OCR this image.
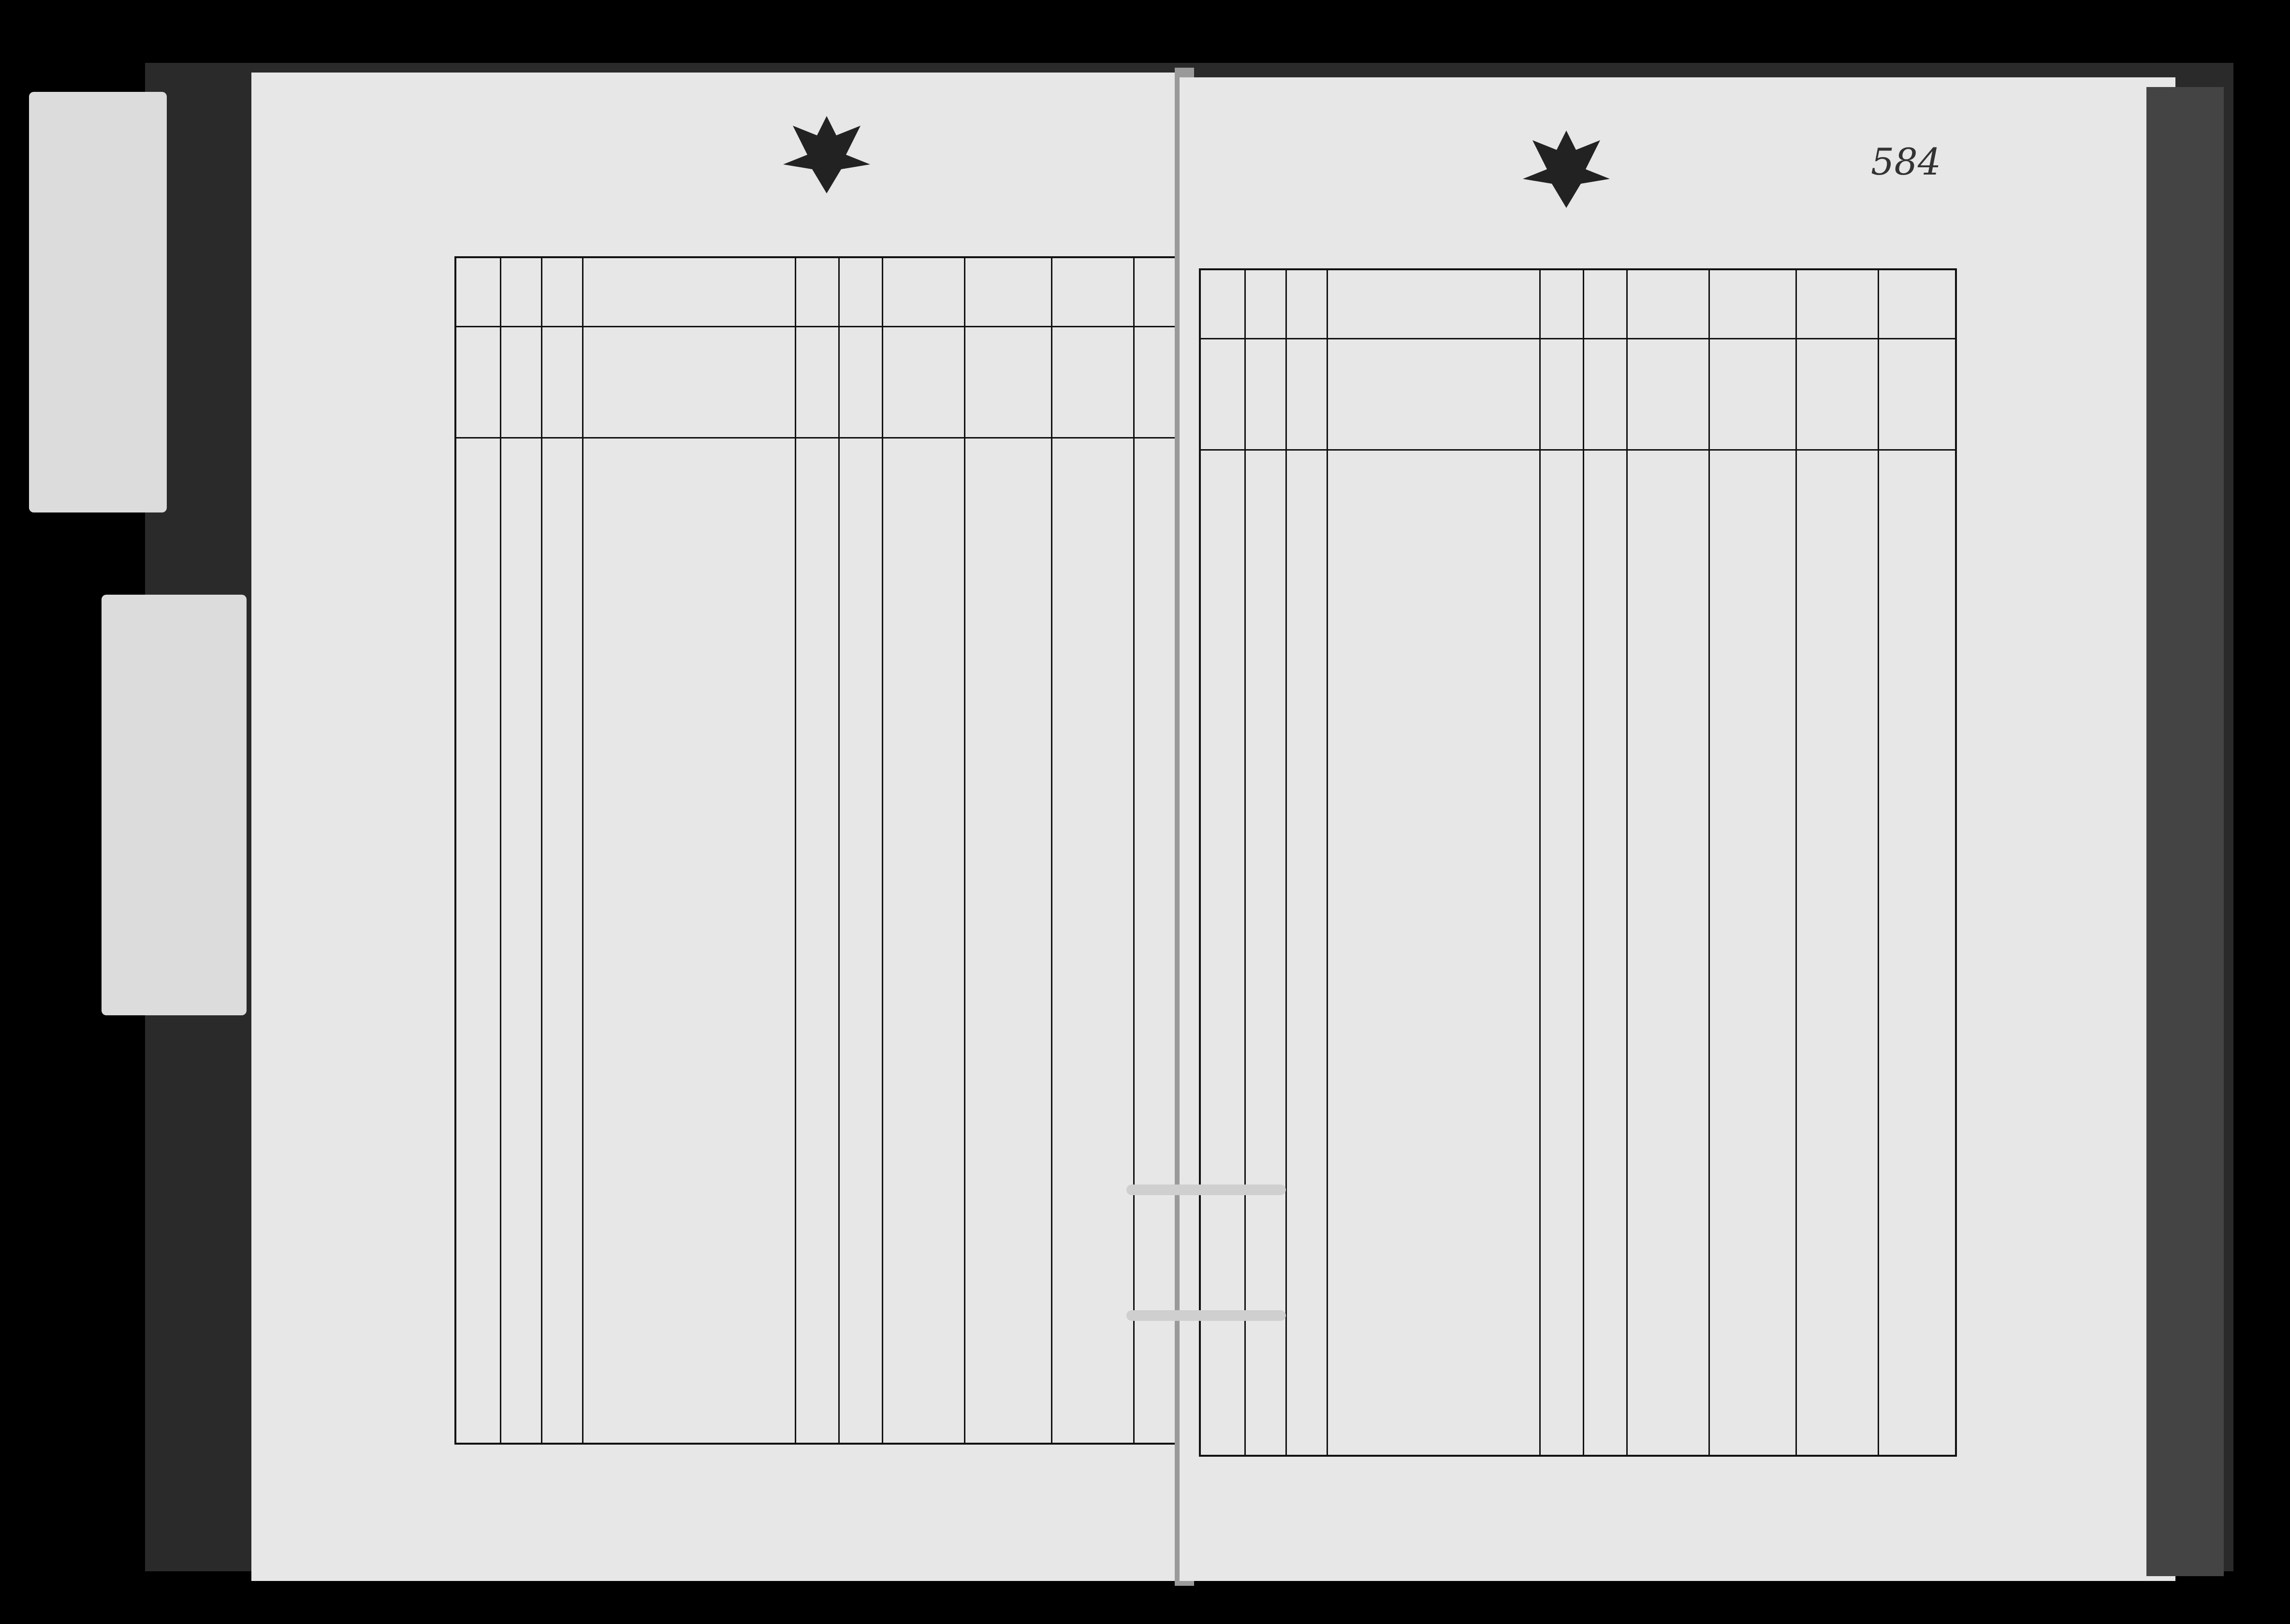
584
